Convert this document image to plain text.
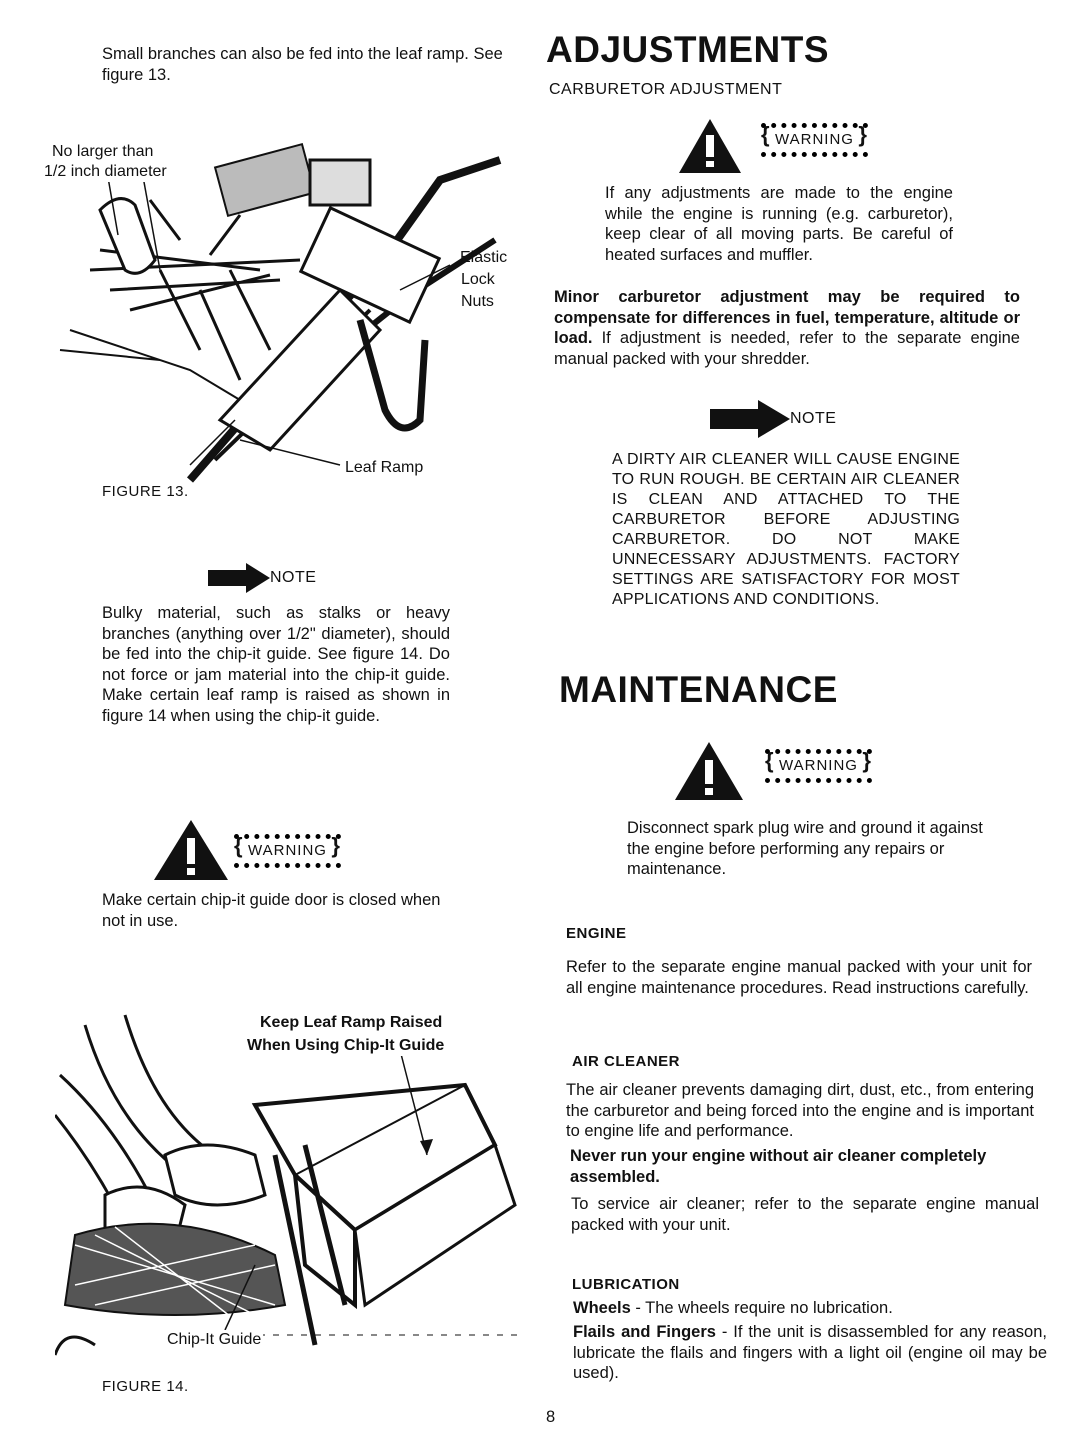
Small branches can also be fed into the leaf ramp. See figure 13.
No larger than
1/2 inch diameter
Elastic
Lock
Nuts
Leaf Ramp
FIGURE 13.
NOTE
Bulky material, such as stalks or heavy branches (anything over 1/2" diameter), should be fed into the chip-it guide. See figure 14. Do not force or jam material into the chip-it guide. Make certain leaf ramp is raised as shown in figure 14 when using the chip-it guide.
{ WARNING }
Make certain chip-it guide door is closed when not in use.
Keep Leaf Ramp Raised
When Using Chip-It Guide
Chip-It Guide
FIGURE 14.
ADJUSTMENTS
CARBURETOR ADJUSTMENT
{ WARNING }
If any adjustments are made to the engine while the engine is running (e.g. carburetor), keep clear of all moving parts. Be careful of heated surfaces and muffler.
Minor carburetor adjustment may be required to compensate for differences in fuel, temperature, altitude or load. If adjustment is needed, refer to the separate engine manual packed with your shredder.
NOTE
A DIRTY AIR CLEANER WILL CAUSE ENGINE TO RUN ROUGH. BE CERTAIN AIR CLEANER IS CLEAN AND ATTACHED TO THE CARBURETOR BEFORE ADJUSTING CARBURETOR. DO NOT MAKE UNNECESSARY ADJUSTMENTS. FACTORY SETTINGS ARE SATISFACTORY FOR MOST APPLICATIONS AND CONDITIONS.
MAINTENANCE
{ WARNING }
Disconnect spark plug wire and ground it against the engine before performing any repairs or maintenance.
ENGINE
Refer to the separate engine manual packed with your unit for all engine maintenance procedures. Read instructions carefully.
AIR CLEANER
The air cleaner prevents damaging dirt, dust, etc., from entering the carburetor and being forced into the engine and is important to engine life and performance.
Never run your engine without air cleaner completely assembled.
To service air cleaner; refer to the separate engine manual packed with your unit.
LUBRICATION
Wheels - The wheels require no lubrication.
Flails and Fingers - If the unit is disassembled for any reason, lubricate the flails and fingers with a light oil (engine oil may be used).
8
